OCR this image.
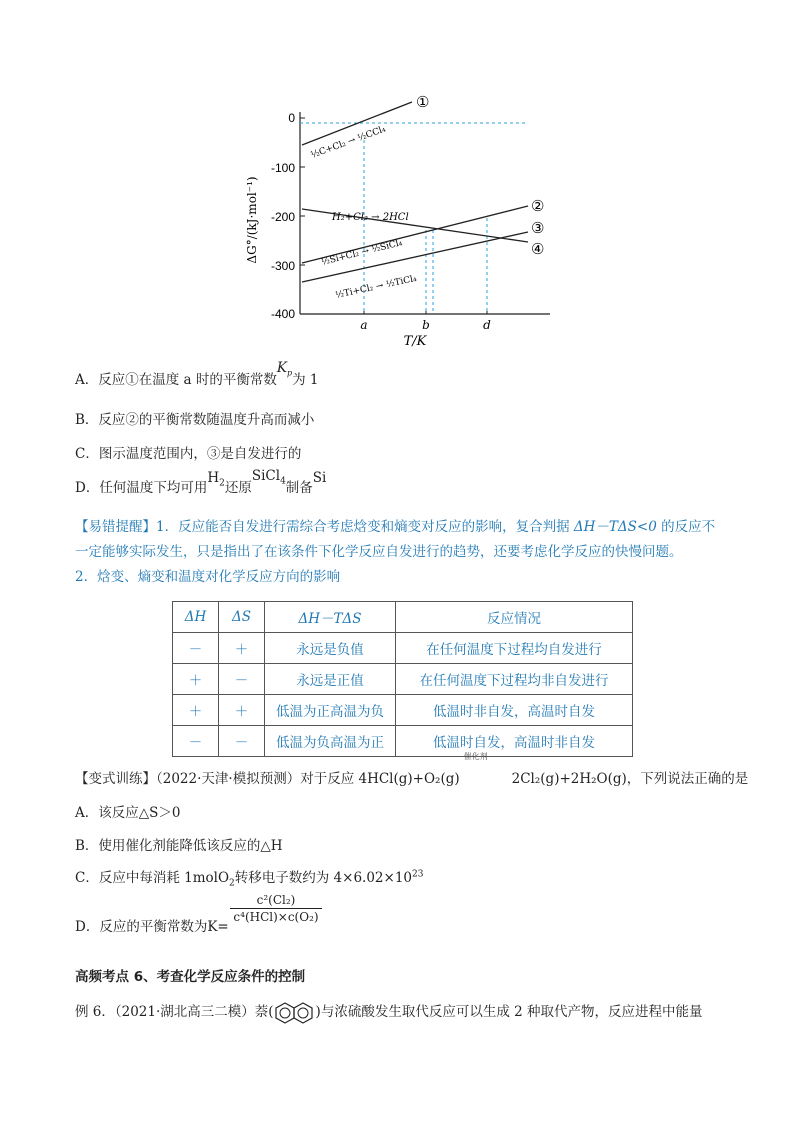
0
-100
-200
-300
-400
a	b	d
T/K
ΔG°/(kJ·mol⁻¹)
①
②
③
④
½C+Cl₂ → ½CCl₄
H₂+Cl₂ → 2HCl
½Si+Cl₂ → ½SiCl₄
½Ti+Cl₂ → ½TiCl₄
A．反应①在温度 a 时的平衡常数$K_p$为 1
B．反应②的平衡常数随温度升高而减小
C．图示温度范围内，③是自发进行的
D．任何温度下均可用$H_2$还原SiCl$_4$制备Si
【易错提醒】1．反应能否自发进行需综合考虑焓变和熵变对反应的影响，复合判据 ΔH－TΔS<0 的反应不
一定能够实际发生，只是指出了在该条件下化学反应自发进行的趋势，还要考虑化学反应的快慢问题。
2．焓变、熵变和温度对化学反应方向的影响
ΔH	ΔS	ΔH－TΔS	反应情况
－	＋	永远是负值	在任何温度下过程均自发进行
＋	－	永远是正值	在任何温度下过程均非自发进行
＋	＋	低温为正高温为负	低温时非自发，高温时自发
－	－	低温为负高温为正	低温时自发，高温时非自发
【变式训练】（2022·天津·模拟预测）对于反应 4HCl(g)+O₂(g)
催化剂
2Cl₂(g)+2H₂O(g)，下列说法正确的是
A．该反应△S＞0
B．使用催化剂能降低该反应的△H
C．反应中每消耗 1molO$_2$转移电子数约为 $4\times 6.02\times 10^{23}$
D．反应的平衡常数为K=
c²(Cl₂)
c⁴(HCl)×c(O₂)
高频考点 6、考查化学反应条件的控制
例 6．（2021·湖北高三二模）萘(	)与浓硫酸发生取代反应可以生成 2 种取代产物，反应进程中能量
